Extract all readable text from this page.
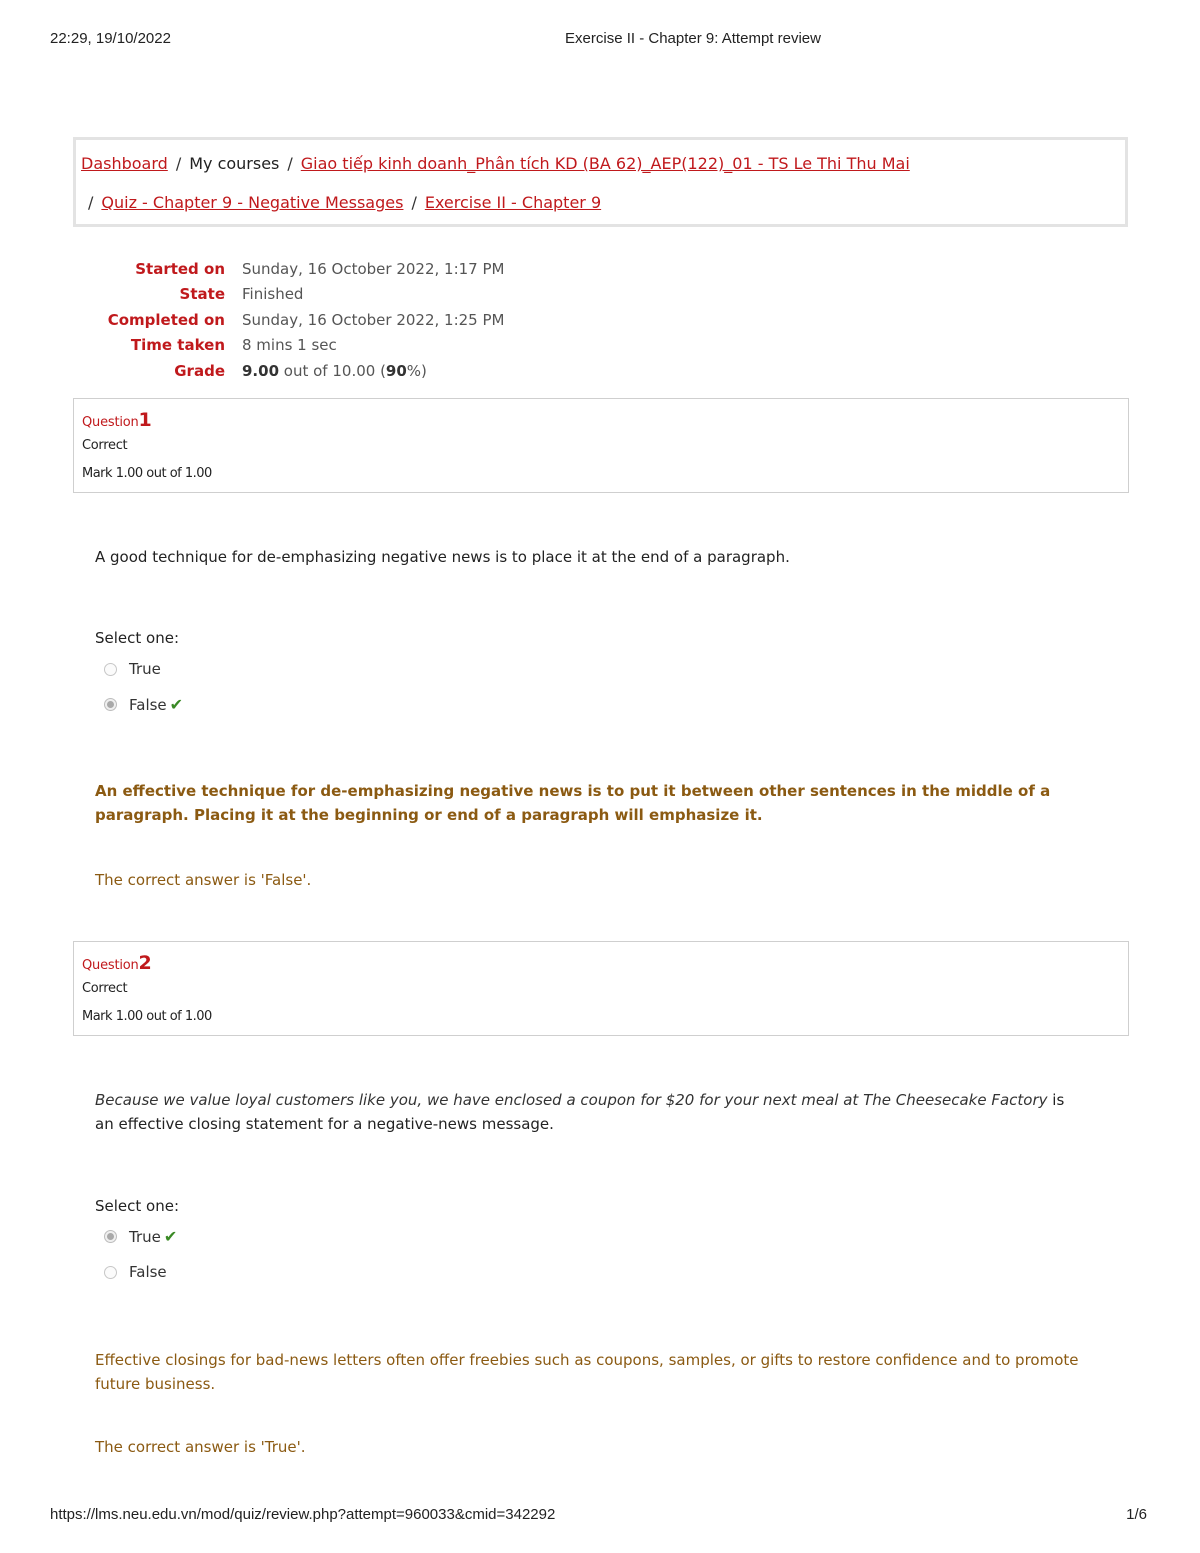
22:29, 19/10/2022	Exercise II - Chapter 9: Attempt review
Dashboard / My courses / Giao tiếp kinh doanh_Phân tích KD (BA 62)_AEP(122)_01 - TS Le Thi Thu Mai
/ Quiz - Chapter 9 - Negative Messages / Exercise II - Chapter 9
Started on	Sunday, 16 October 2022, 1:17 PM
State	Finished
Completed on	Sunday, 16 October 2022, 1:25 PM
Time taken	8 mins 1 sec
Grade	9.00 out of 10.00 (90%)
Question1
Correct
Mark 1.00 out of 1.00
A good technique for de-emphasizing negative news is to place it at the end of a paragraph.
Select one:
True
False ✔
An effective technique for de-emphasizing negative news is to put it between other sentences in the middle of a paragraph. Placing it at the beginning or end of a paragraph will emphasize it.
The correct answer is 'False'.
Question2
Correct
Mark 1.00 out of 1.00
Because we value loyal customers like you, we have enclosed a coupon for $20 for your next meal at The Cheesecake Factory is an effective closing statement for a negative-news message.
Select one:
True ✔
False
Effective closings for bad-news letters often offer freebies such as coupons, samples, or gifts to restore confidence and to promote future business.
The correct answer is 'True'.
https://lms.neu.edu.vn/mod/quiz/review.php?attempt=960033&cmid=342292	1/6
